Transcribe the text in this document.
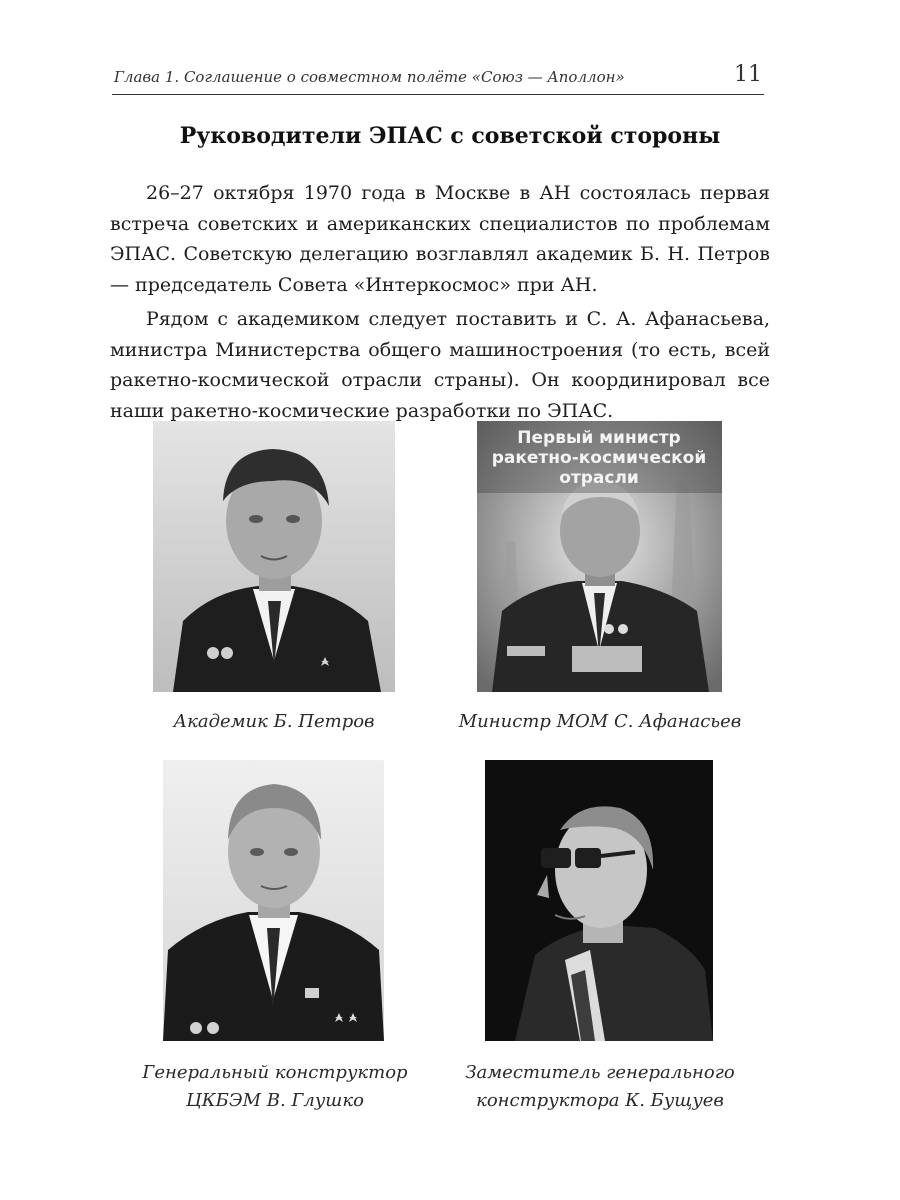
Глава 1. Соглашение о совместном полёте «Союз — Аполлон»	11
Руководители ЭПАС с советской стороны

26–27 октября 1970 года в Москве в АН состоялась первая встреча советских и американских специалистов по проблемам ЭПАС. Советскую делегацию возглавлял академик Б. Н. Петров — председатель Совета «Интеркосмос» при АН.

Рядом с академиком следует поставить и С. А. Афанасьева, министра Министерства общего машиностроения (то есть, всей ракетно-космической отрасли страны). Он координировал все наши ракетно-космические разработки по ЭПАС.

Академик Б. Петров
Первый министр
ракетно-космической
отрасли
Министр МОМ С. Афанасьев
Генеральный конструктор
ЦКБЭМ В. Глушко
Заместитель генерального
конструктора К. Бущуев
